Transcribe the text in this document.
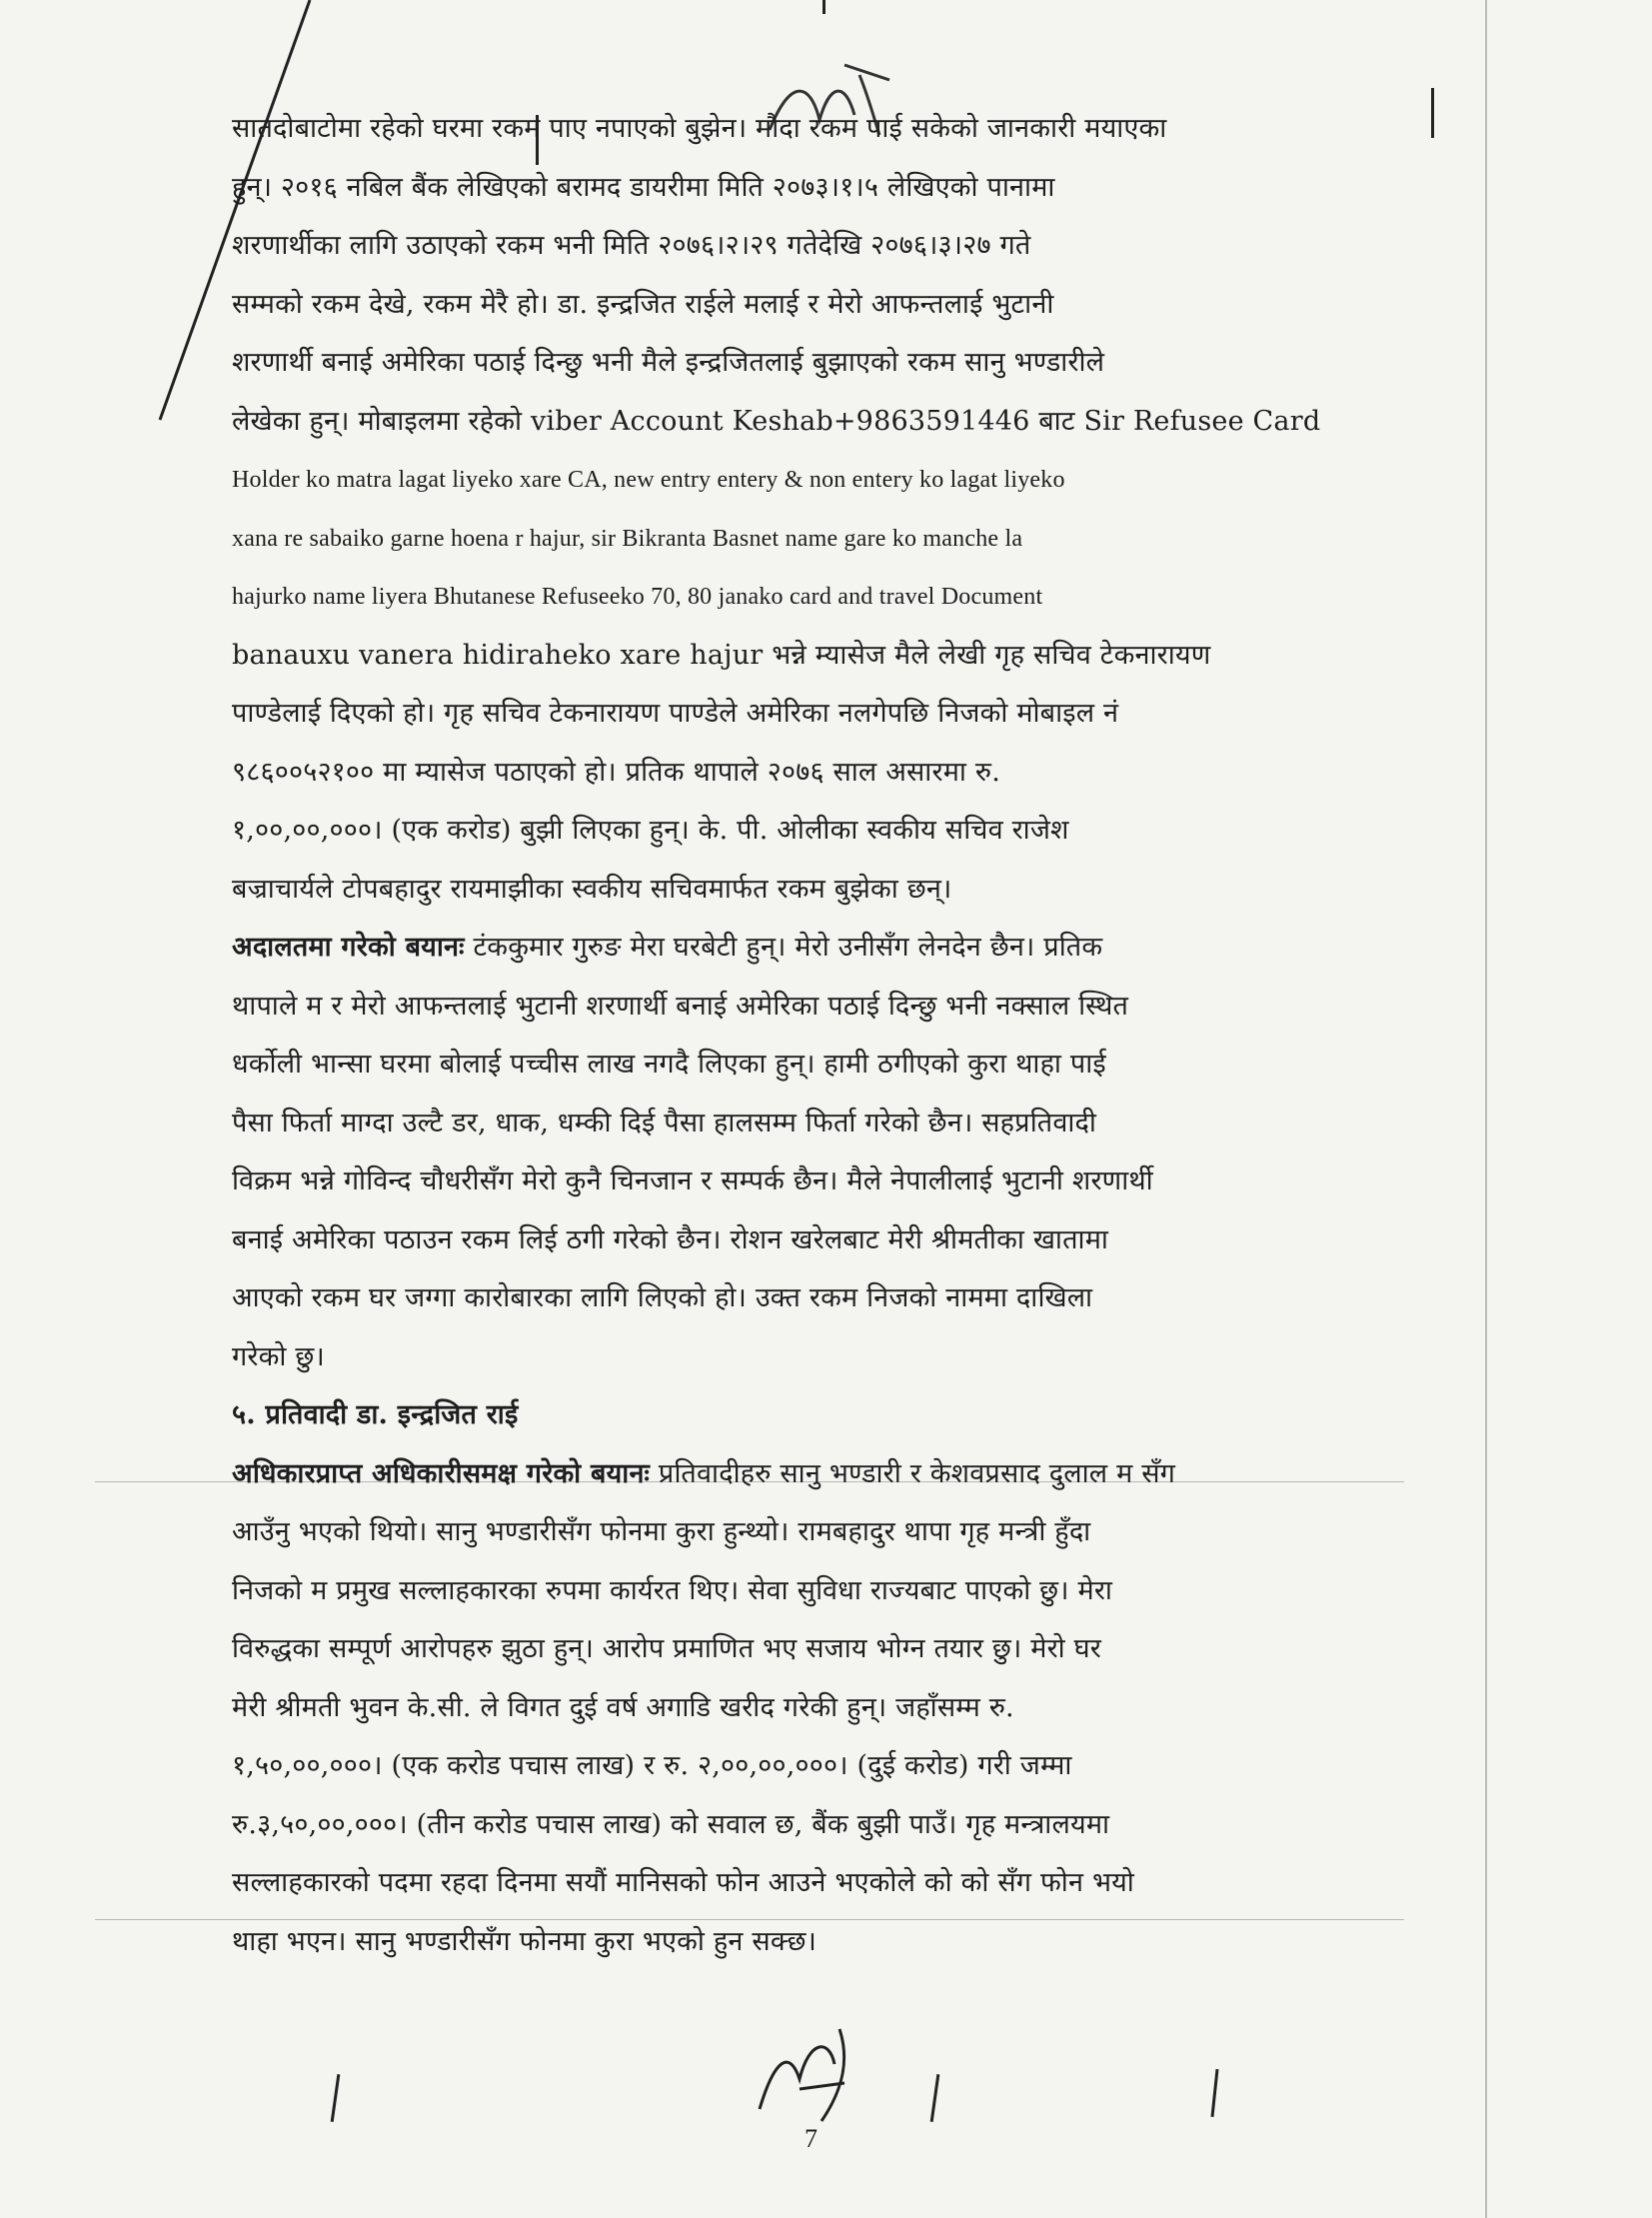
सातदोबाटोमा रहेको घरमा रकम पाए नपाएको बुझेन। मौदा रकम पाई सकेको जानकारी मयाएका
हुन्। २०१६ नबिल बैंक लेखिएको बरामद डायरीमा मिति २०७३।१।५ लेखिएको पानामा
शरणार्थीका लागि उठाएको रकम भनी मिति २०७६।२।२९ गतेदेखि २०७६।३।२७ गते
सम्मको रकम देखे, रकम मेरै हो। डा. इन्द्रजित राईले मलाई र मेरो आफन्तलाई भुटानी
शरणार्थी बनाई अमेरिका पठाई दिन्छु भनी मैले इन्द्रजितलाई बुझाएको रकम सानु भण्डारीले
लेखेका हुन्। मोबाइलमा रहेको viber Account Keshab+9863591446 बाट Sir Refusee Card
Holder ko matra lagat liyeko xare CA, new entry entery & non entery ko lagat liyeko
xana re sabaiko garne hoena r hajur, sir Bikranta Basnet name gare ko manche la
hajurko name liyera Bhutanese Refuseeko 70, 80 janako card and travel Document
banauxu vanera hidiraheko xare hajur भन्ने म्यासेज मैले लेखी गृह सचिव टेकनारायण
पाण्डेलाई दिएको हो। गृह सचिव टेकनारायण पाण्डेले अमेरिका नलगेपछि निजको मोबाइल नं
९८६००५२१०० मा म्यासेज पठाएको हो। प्रतिक थापाले २०७६ साल असारमा रु.
१,००,००,०००। (एक करोड) बुझी लिएका हुन्। के. पी. ओलीका स्वकीय सचिव राजेश
बज्राचार्यले टोपबहादुर रायमाझीका स्वकीय सचिवमार्फत रकम बुझेका छन्।
अदालतमा गरेको बयानः टंककुमार गुरुङ मेरा घरबेटी हुन्। मेरो उनीसँग लेनदेन छैन। प्रतिक
थापाले म र मेरो आफन्तलाई भुटानी शरणार्थी बनाई अमेरिका पठाई दिन्छु भनी नक्साल स्थित
धर्कोली भान्सा घरमा बोलाई पच्चीस लाख नगदै लिएका हुन्। हामी ठगीएको कुरा थाहा पाई
पैसा फिर्ता माग्दा उल्टै डर, धाक, धम्की दिई पैसा हालसम्म फिर्ता गरेको छैन। सहप्रतिवादी
विक्रम भन्ने गोविन्द चौधरीसँग मेरो कुनै चिनजान र सम्पर्क छैन। मैले नेपालीलाई भुटानी शरणार्थी
बनाई अमेरिका पठाउन रकम लिई ठगी गरेको छैन। रोशन खरेलबाट मेरी श्रीमतीका खातामा
आएको रकम घर जग्गा कारोबारका लागि लिएको हो। उक्त रकम निजको नाममा दाखिला
गरेको छु।
५. प्रतिवादी डा. इन्द्रजित राई
अधिकारप्राप्त अधिकारीसमक्ष गरेको बयानः प्रतिवादीहरु सानु भण्डारी र केशवप्रसाद दुलाल म सँग
आउँनु भएको थियो। सानु भण्डारीसँग फोनमा कुरा हुन्थ्यो। रामबहादुर थापा गृह मन्त्री हुँदा
निजको म प्रमुख सल्लाहकारका रुपमा कार्यरत थिए। सेवा सुविधा राज्यबाट पाएको छु। मेरा
विरुद्धका सम्पूर्ण आरोपहरु झुठा हुन्। आरोप प्रमाणित भए सजाय भोग्न तयार छु। मेरो घर
मेरी श्रीमती भुवन के.सी. ले विगत दुई वर्ष अगाडि खरीद गरेकी हुन्। जहाँसम्म रु.
१,५०,००,०००। (एक करोड पचास लाख) र रु. २,००,००,०००। (दुई करोड) गरी जम्मा
रु.३,५०,००,०००। (तीन करोड पचास लाख) को सवाल छ, बैंक बुझी पाउँ। गृह मन्त्रालयमा
सल्लाहकारको पदमा रहदा दिनमा सयौं मानिसको फोन आउने भएकोले को को सँग फोन भयो
थाहा भएन। सानु भण्डारीसँग फोनमा कुरा भएको हुन सक्छ।
7
